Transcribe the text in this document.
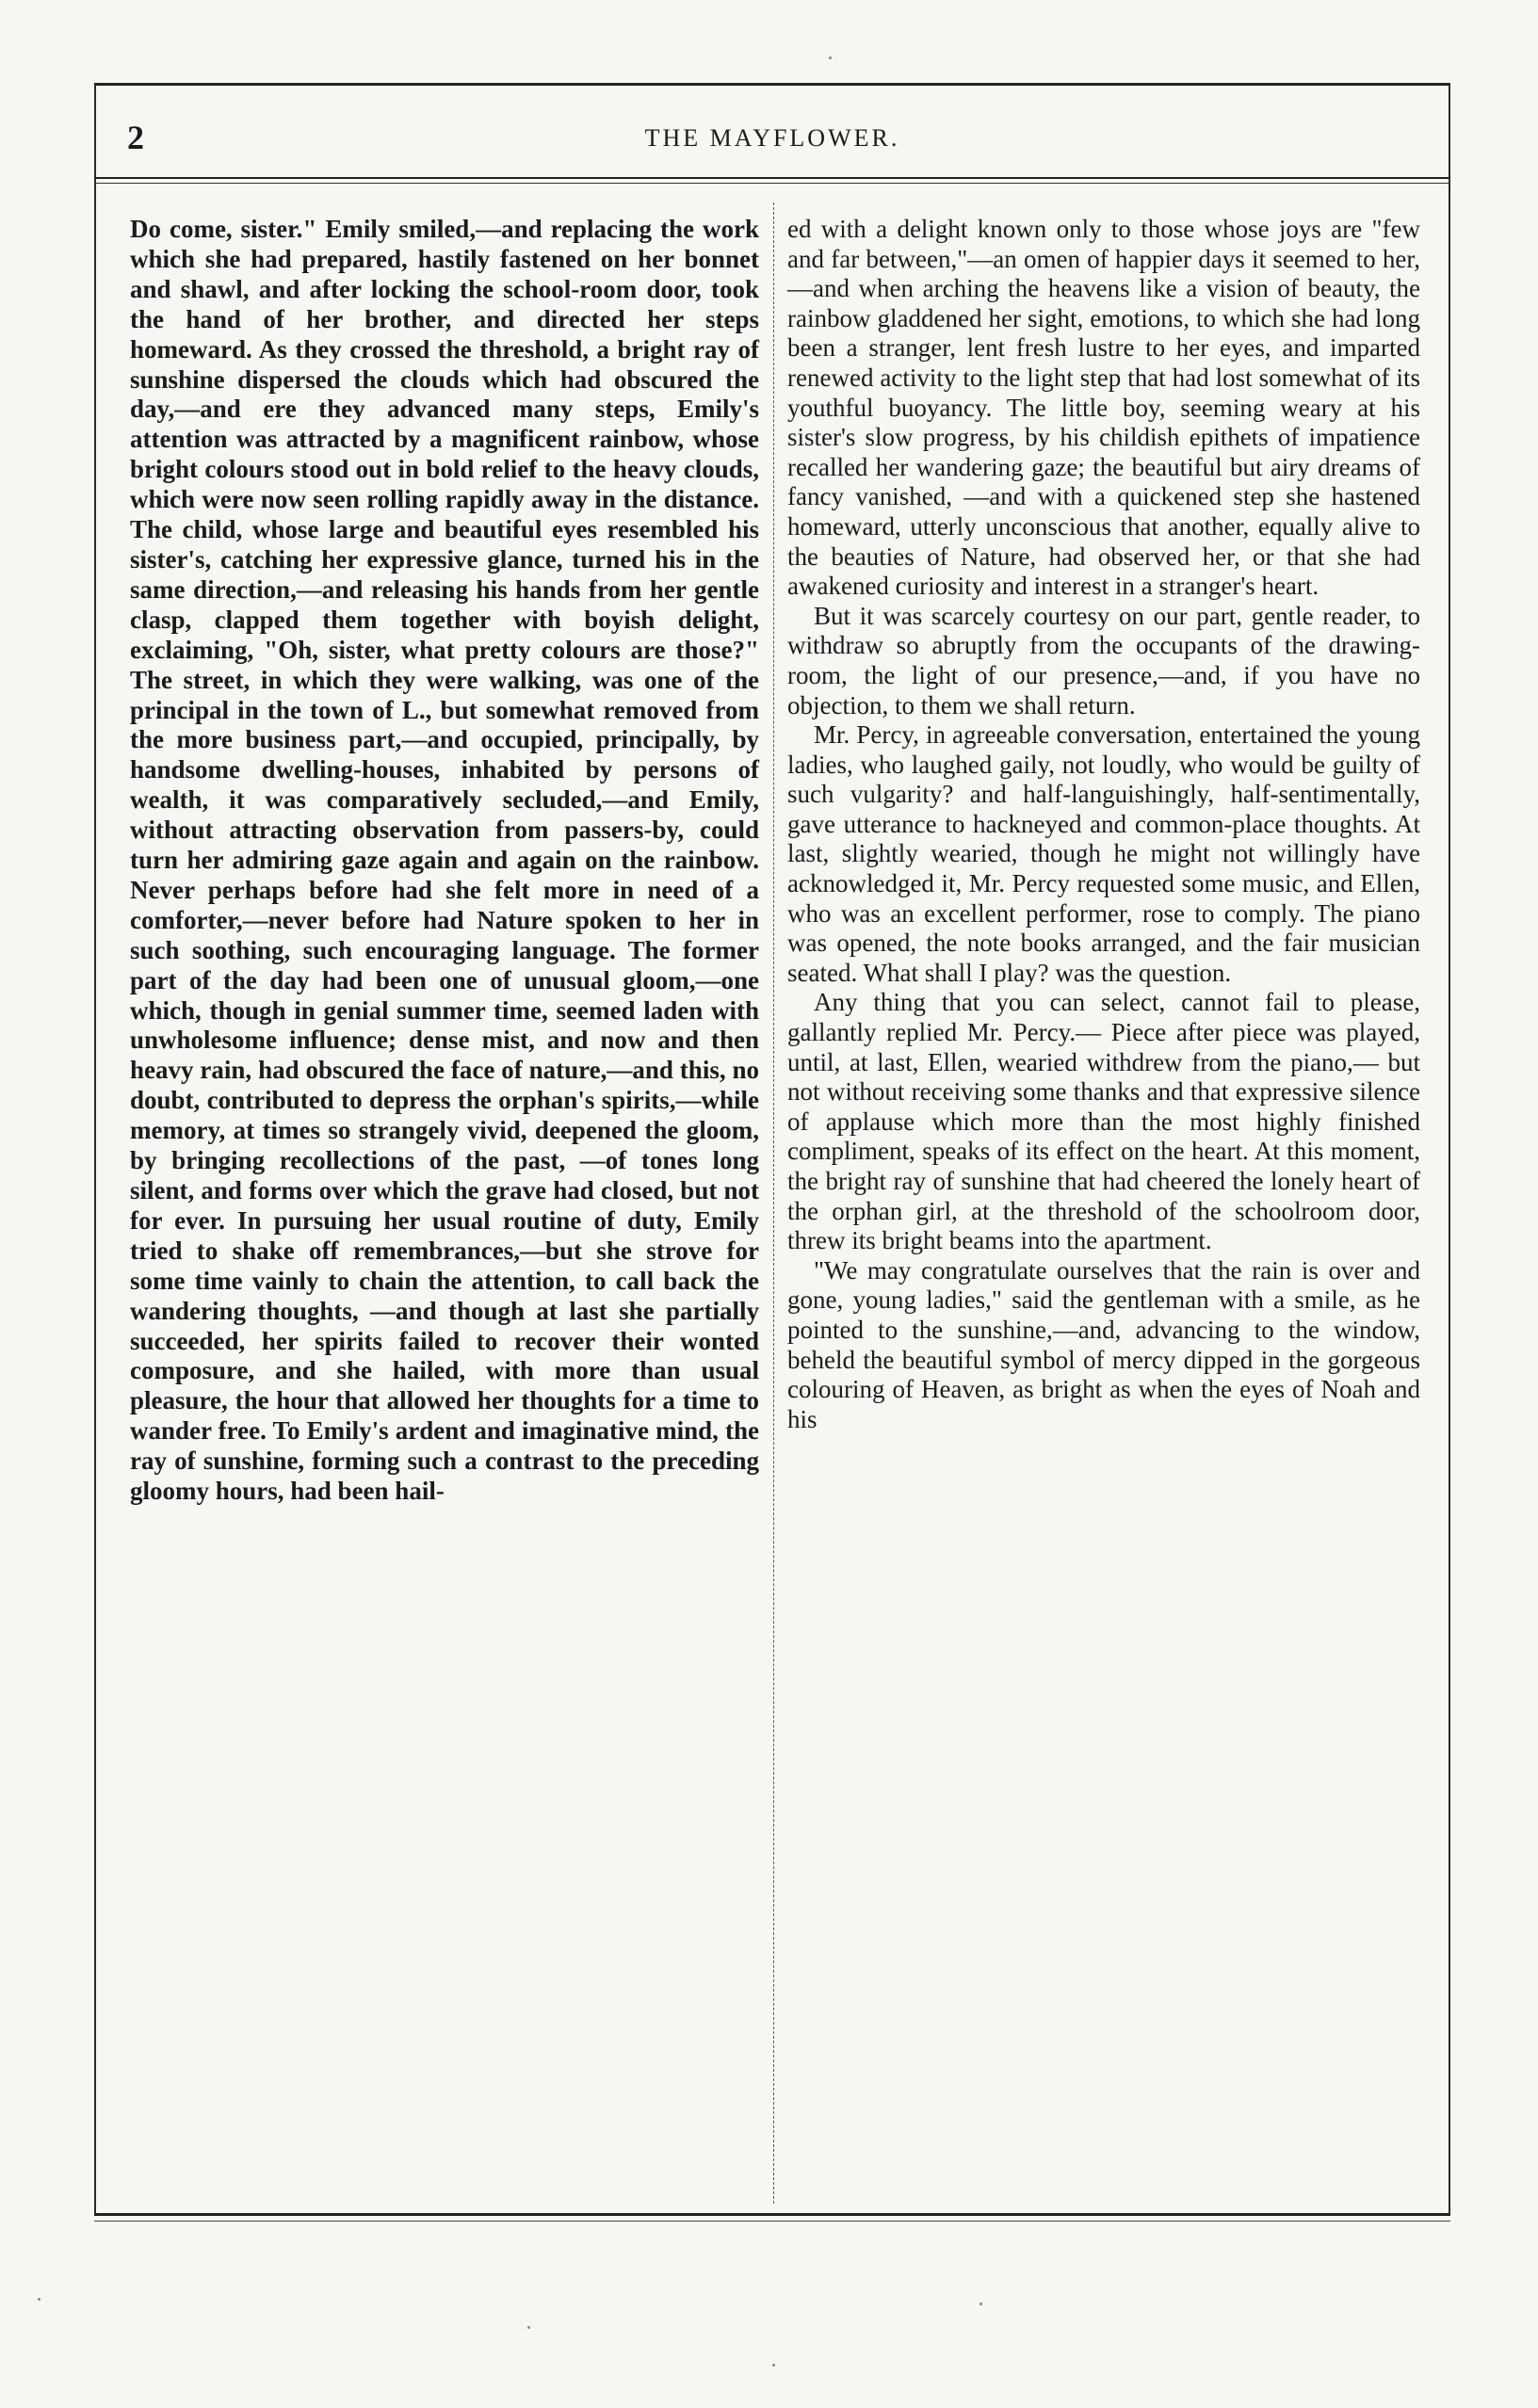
2	THE MAYFLOWER.

Do come, sister." Emily smiled,—and replacing the work which she had prepared, hastily fastened on her bonnet and shawl, and after locking the school-room door, took the hand of her brother, and directed her steps homeward. As they crossed the threshold, a bright ray of sunshine dispersed the clouds which had obscured the day,—and ere they advanced many steps, Emily's attention was attracted by a magnificent rainbow, whose bright colours stood out in bold relief to the heavy clouds, which were now seen rolling rapidly away in the distance. The child, whose large and beautiful eyes resembled his sister's, catching her expressive glance, turned his in the same direction,—and releasing his hands from her gentle clasp, clapped them together with boyish delight, exclaiming, "Oh, sister, what pretty colours are those?" The street, in which they were walking, was one of the principal in the town of L., but somewhat removed from the more business part,—and occupied, principally, by handsome dwelling-houses, inhabited by persons of wealth, it was comparatively secluded,—and Emily, without attracting observation from passers-by, could turn her admiring gaze again and again on the rainbow. Never perhaps before had she felt more in need of a comforter,—never before had Nature spoken to her in such soothing, such encouraging language. The former part of the day had been one of unusual gloom,—one which, though in genial summer time, seemed laden with unwholesome influence; dense mist, and now and then heavy rain, had obscured the face of nature,—and this, no doubt, contributed to depress the orphan's spirits,—while memory, at times so strangely vivid, deepened the gloom, by bringing recollections of the past, —of tones long silent, and forms over which the grave had closed, but not for ever. In pursuing her usual routine of duty, Emily tried to shake off remembrances,—but she strove for some time vainly to chain the attention, to call back the wandering thoughts, —and though at last she partially succeeded, her spirits failed to recover their wonted composure, and she hailed, with more than usual pleasure, the hour that allowed her thoughts for a time to wander free. To Emily's ardent and imaginative mind, the ray of sunshine, forming such a contrast to the preceding gloomy hours, had been hail-

ed with a delight known only to those whose joys are "few and far between,"—an omen of happier days it seemed to her,—and when arching the heavens like a vision of beauty, the rainbow gladdened her sight, emotions, to which she had long been a stranger, lent fresh lustre to her eyes, and imparted renewed activity to the light step that had lost somewhat of its youthful buoyancy. The little boy, seeming weary at his sister's slow progress, by his childish epithets of impatience recalled her wandering gaze; the beautiful but airy dreams of fancy vanished, —and with a quickened step she hastened homeward, utterly unconscious that another, equally alive to the beauties of Nature, had observed her, or that she had awakened curiosity and interest in a stranger's heart.

But it was scarcely courtesy on our part, gentle reader, to withdraw so abruptly from the occupants of the drawing-room, the light of our presence,—and, if you have no objection, to them we shall return.

Mr. Percy, in agreeable conversation, entertained the young ladies, who laughed gaily, not loudly, who would be guilty of such vulgarity? and half-languishingly, half-sentimentally, gave utterance to hackneyed and common-place thoughts. At last, slightly wearied, though he might not willingly have acknowledged it, Mr. Percy requested some music, and Ellen, who was an excellent performer, rose to comply. The piano was opened, the note books arranged, and the fair musician seated. What shall I play? was the question.

Any thing that you can select, cannot fail to please, gallantly replied Mr. Percy.— Piece after piece was played, until, at last, Ellen, wearied withdrew from the piano,— but not without receiving some thanks and that expressive silence of applause which more than the most highly finished compliment, speaks of its effect on the heart. At this moment, the bright ray of sunshine that had cheered the lonely heart of the orphan girl, at the threshold of the schoolroom door, threw its bright beams into the apartment.

"We may congratulate ourselves that the rain is over and gone, young ladies," said the gentleman with a smile, as he pointed to the sunshine,—and, advancing to the window, beheld the beautiful symbol of mercy dipped in the gorgeous colouring of Heaven, as bright as when the eyes of Noah and his
